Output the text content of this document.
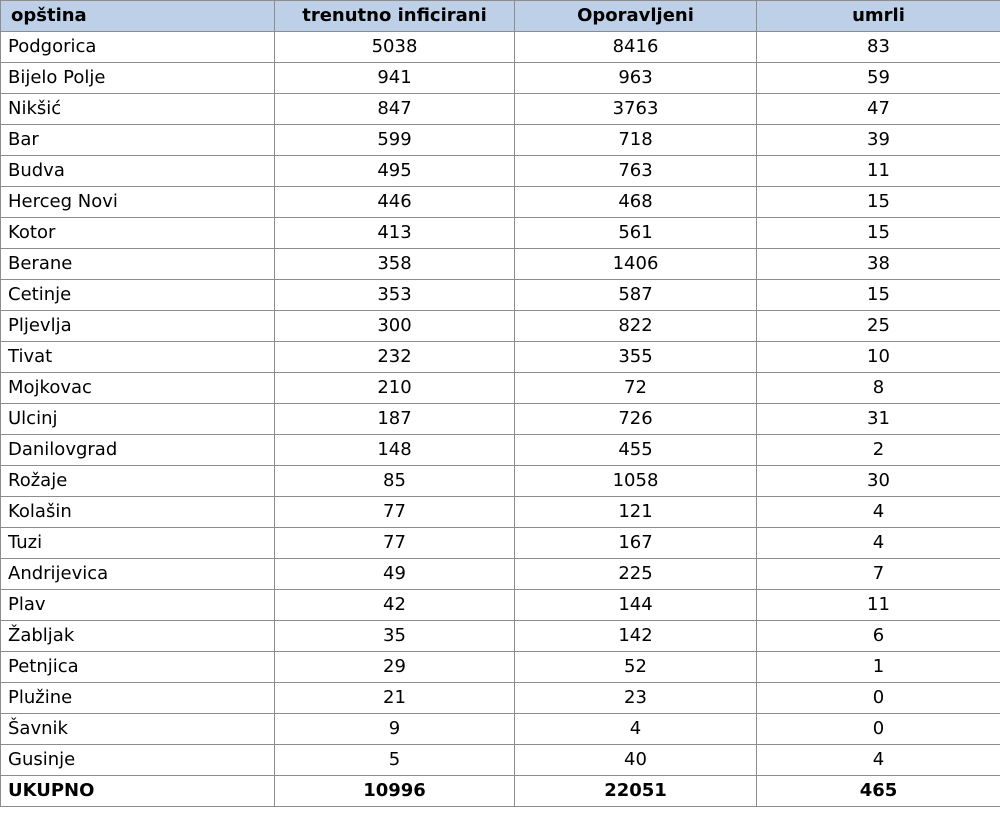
opština	trenutno inficirani	Oporavljeni	umrli
Podgorica	5038	8416	83
Bijelo Polje	941	963	59
Nikšić	847	3763	47
Bar	599	718	39
Budva	495	763	11
Herceg Novi	446	468	15
Kotor	413	561	15
Berane	358	1406	38
Cetinje	353	587	15
Pljevlja	300	822	25
Tivat	232	355	10
Mojkovac	210	72	8
Ulcinj	187	726	31
Danilovgrad	148	455	2
Rožaje	85	1058	30
Kolašin	77	121	4
Tuzi	77	167	4
Andrijevica	49	225	7
Plav	42	144	11
Žabljak	35	142	6
Petnjica	29	52	1
Plužine	21	23	0
Šavnik	9	4	0
Gusinje	5	40	4
UKUPNO	10996	22051	465
